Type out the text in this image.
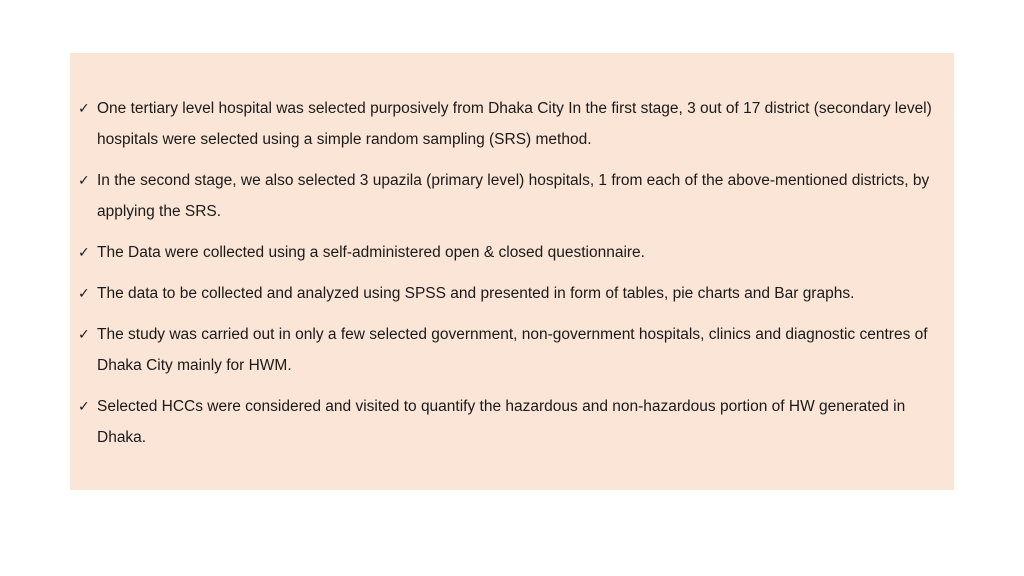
✓ One tertiary level hospital was selected purposively from Dhaka City In the first stage, 3 out of 17 district (secondary level) hospitals were selected using a simple random sampling (SRS) method.
✓ In the second stage, we also selected 3 upazila (primary level) hospitals, 1 from each of the above-mentioned districts, by applying the SRS.
✓ The Data were collected using a self-administered open & closed questionnaire.
✓ The data to be collected and analyzed using SPSS and presented in form of tables, pie charts and Bar graphs.
✓ The study was carried out in only a few selected government, non-government hospitals, clinics and diagnostic centres of Dhaka City mainly for HWM.
✓ Selected HCCs were considered and visited to quantify the hazardous and non-hazardous portion of HW generated in Dhaka.
